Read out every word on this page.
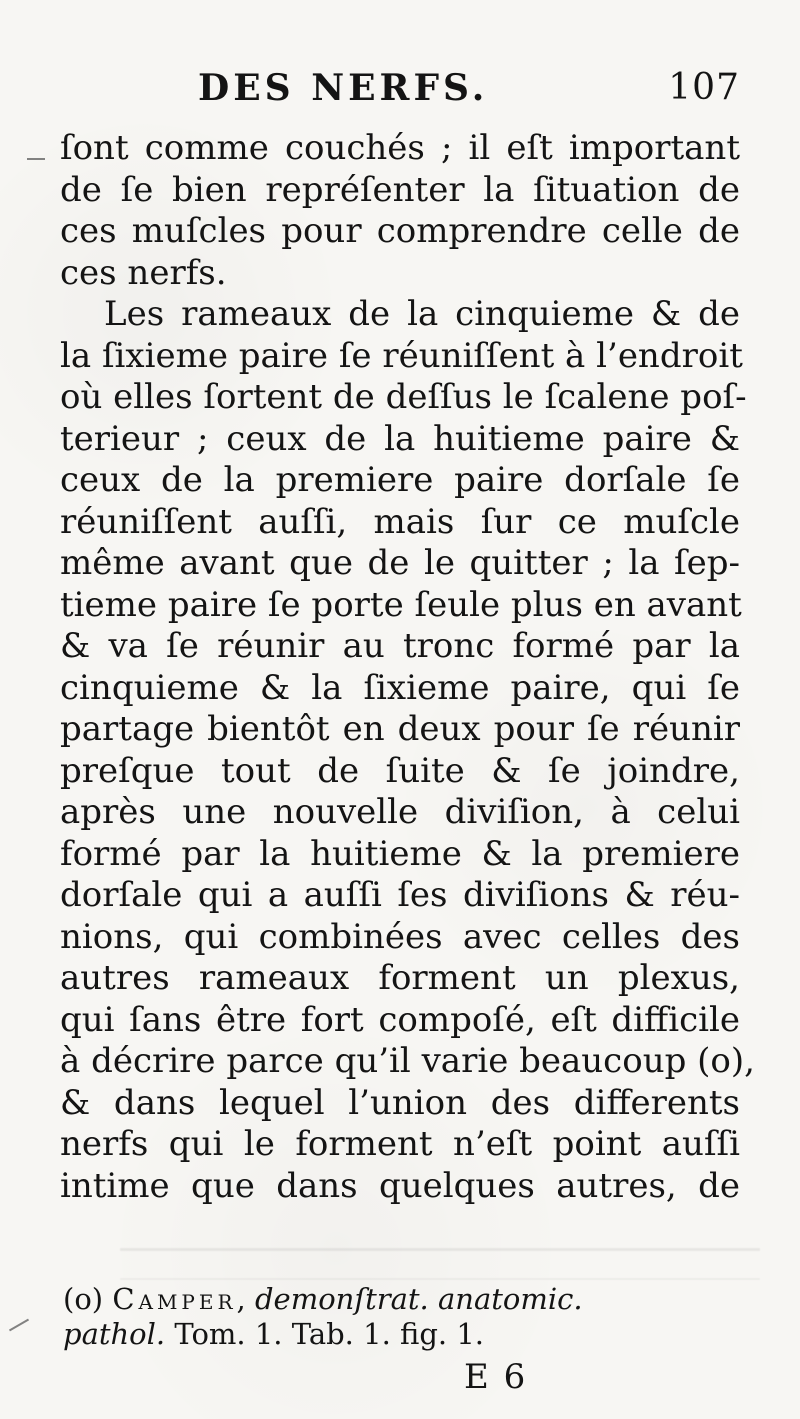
DES NERFS.	107
ſont comme couchés ; il eſt important
de ſe bien repréſenter la ſituation de
ces muſcles pour comprendre celle de
ces nerfs.
Les rameaux de la cinquieme & de
la ſixieme paire ſe réuniſſent à l’endroit
où elles ſortent de deſſus le ſcalene poſ-
terieur ; ceux de la huitieme paire &
ceux de la premiere paire dorſale ſe
réuniſſent auſſi, mais ſur ce muſcle
même avant que de le quitter ; la ſep-
tieme paire ſe porte ſeule plus en avant
& va ſe réunir au tronc formé par la
cinquieme & la ſixieme paire, qui ſe
partage bientôt en deux pour ſe réunir
preſque tout de ſuite & ſe joindre,
après une nouvelle diviſion, à celui
formé par la huitieme & la premiere
dorſale qui a auſſi ſes diviſions & réu-
nions, qui combinées avec celles des
autres rameaux forment un plexus,
qui ſans être fort compoſé, eſt difficile
à décrire parce qu’il varie beaucoup (o),
& dans lequel l’union des differents
nerfs qui le forment n’eſt point auſſi
intime que dans quelques autres, de
(o) Camper, demonſtrat. anatomic.
pathol. Tom. 1. Tab. 1. fig. 1.
E 6
